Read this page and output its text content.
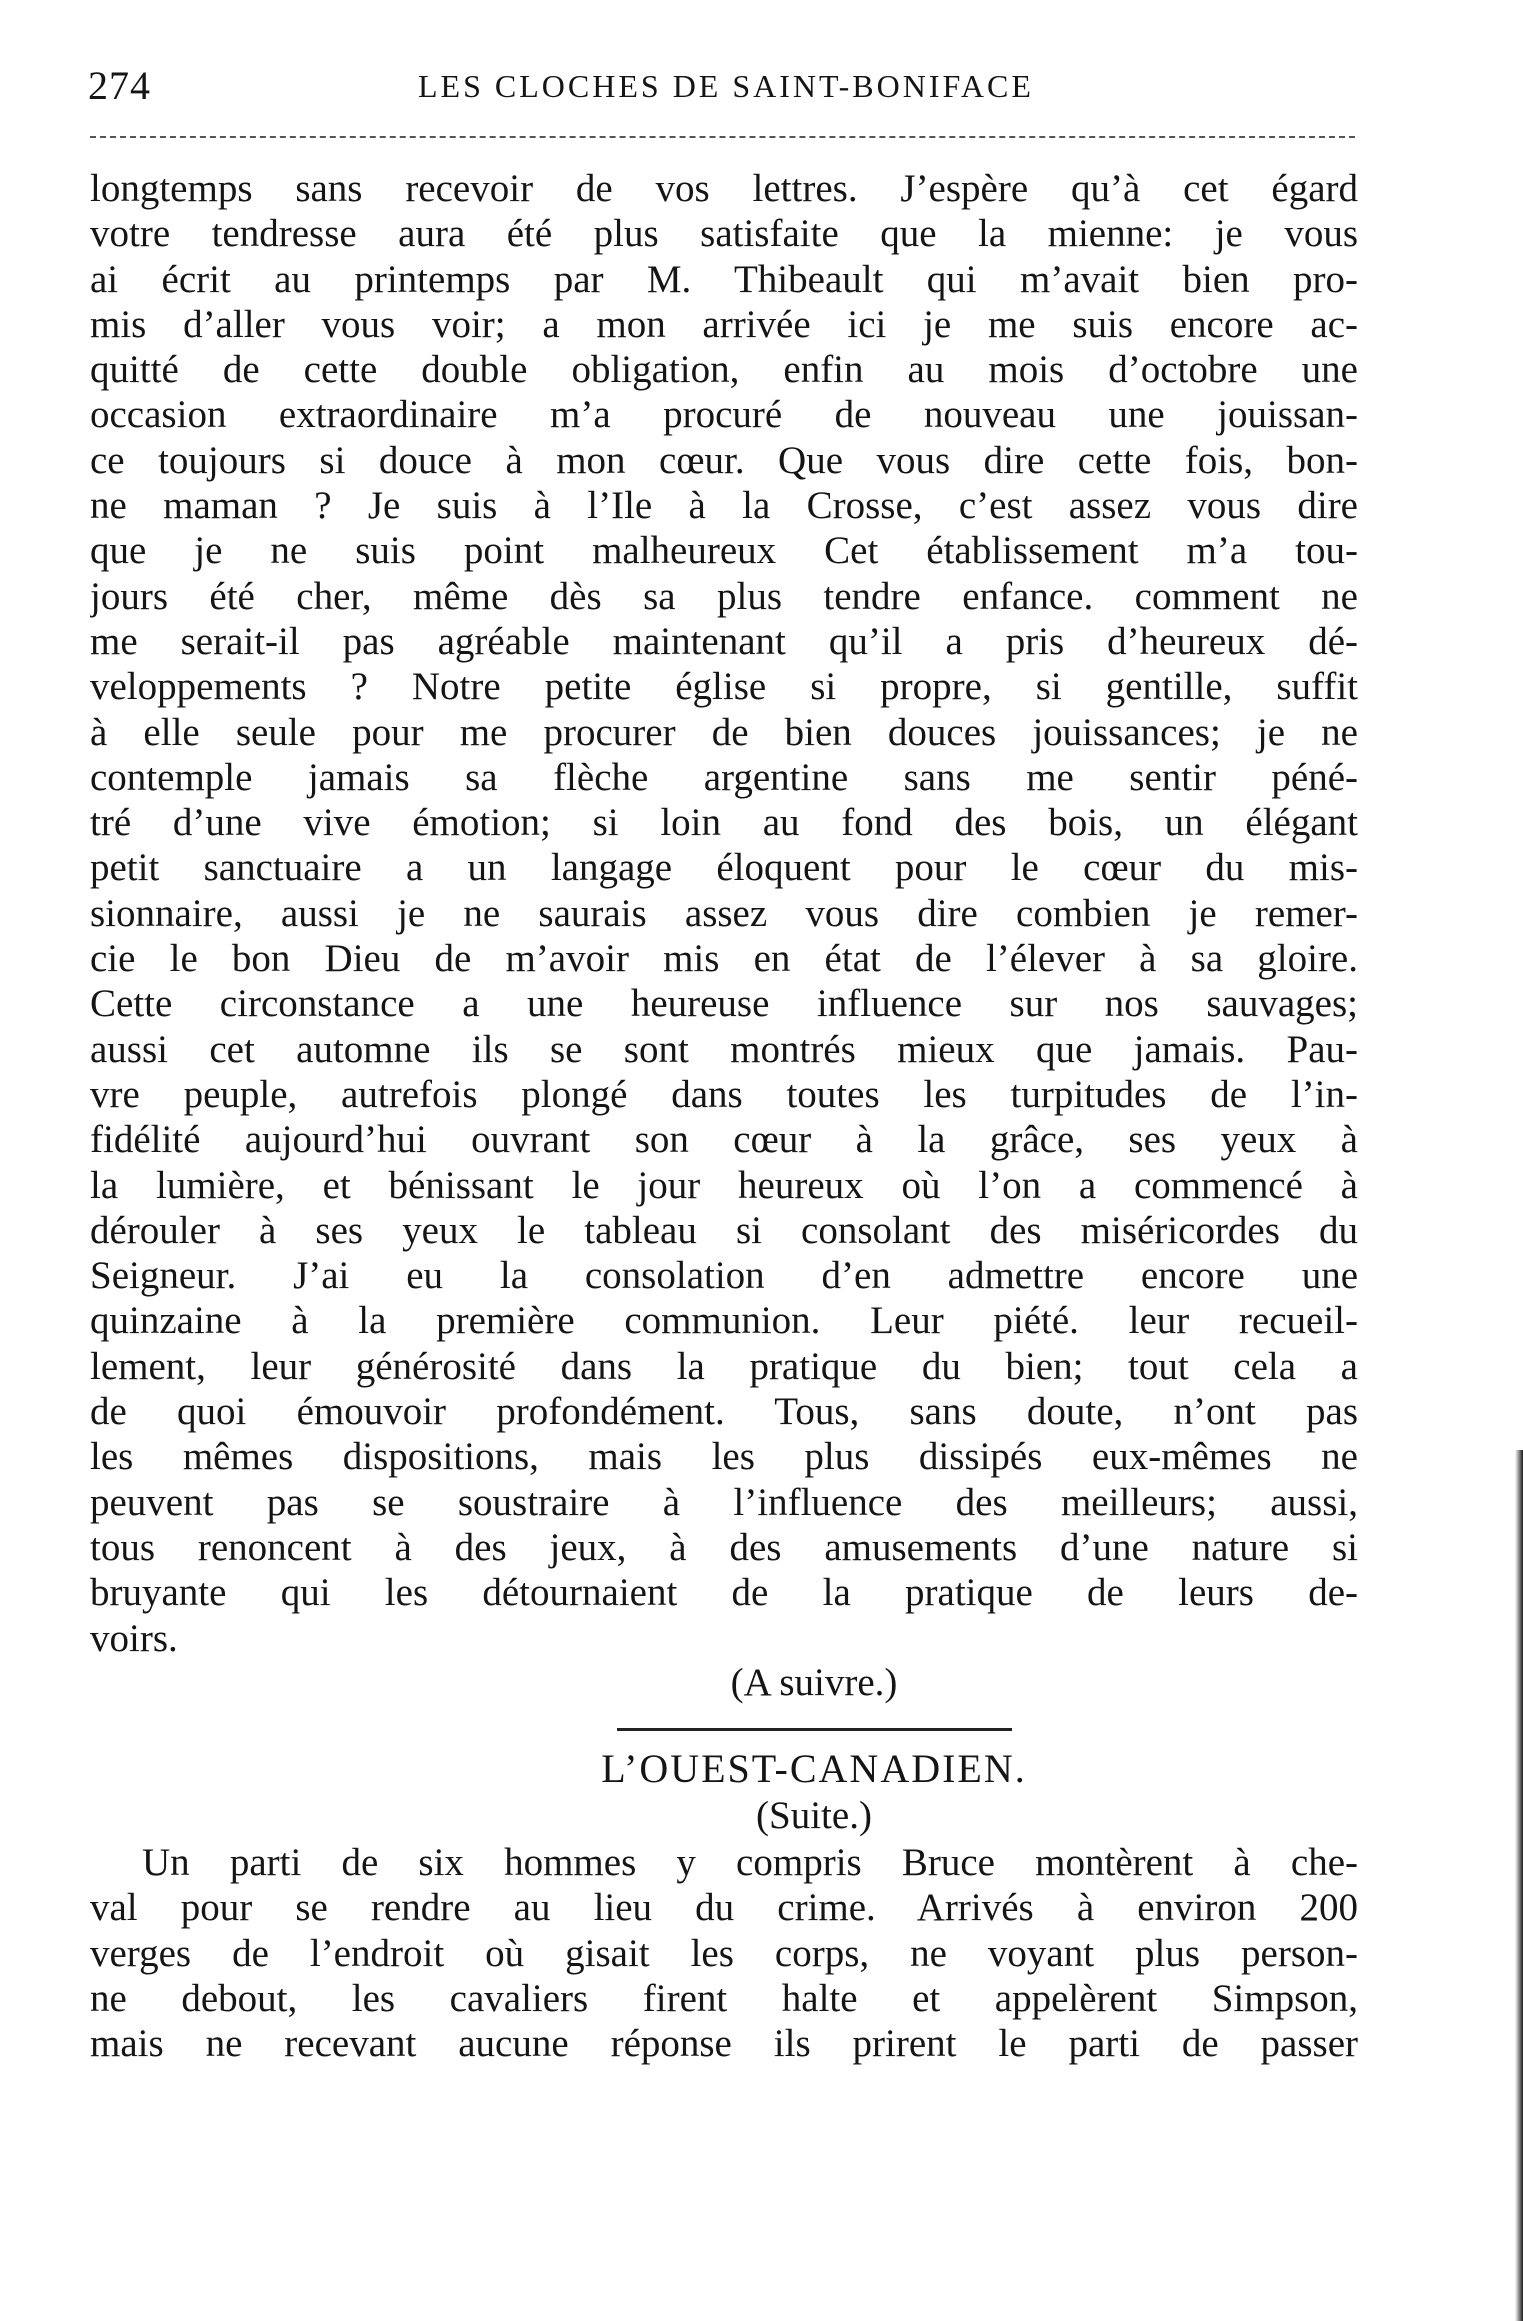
274	LES CLOCHES DE SAINT-BONIFACE
longtemps sans recevoir de vos lettres. J’espère qu’à cet égard
votre tendresse aura été plus satisfaite que la mienne: je vous
ai écrit au printemps par M. Thibeault qui m’avait bien pro-
mis d’aller vous voir; a mon arrivée ici je me suis encore ac-
quitté de cette double obligation, enfin au mois d’octobre une
occasion extraordinaire m’a procuré de nouveau une jouissan-
ce toujours si douce à mon cœur. Que vous dire cette fois, bon-
ne maman ? Je suis à l’Ile à la Crosse, c’est assez vous dire
que je ne suis point malheureux Cet établissement m’a tou-
jours été cher, même dès sa plus tendre enfance. comment ne
me serait-il pas agréable maintenant qu’il a pris d’heureux dé-
veloppements ? Notre petite église si propre, si gentille, suffit
à elle seule pour me procurer de bien douces jouissances; je ne
contemple jamais sa flèche argentine sans me sentir péné-
tré d’une vive émotion; si loin au fond des bois, un élégant
petit sanctuaire a un langage éloquent pour le cœur du mis-
sionnaire, aussi je ne saurais assez vous dire combien je remer-
cie le bon Dieu de m’avoir mis en état de l’élever à sa gloire.
Cette circonstance a une heureuse influence sur nos sauvages;
aussi cet automne ils se sont montrés mieux que jamais. Pau-
vre peuple, autrefois plongé dans toutes les turpitudes de l’in-
fidélité aujourd’hui ouvrant son cœur à la grâce, ses yeux à
la lumière, et bénissant le jour heureux où l’on a commencé à
dérouler à ses yeux le tableau si consolant des miséricordes du
Seigneur. J’ai eu la consolation d’en admettre encore une
quinzaine à la première communion. Leur piété. leur recueil-
lement, leur générosité dans la pratique du bien; tout cela a
de quoi émouvoir profondément. Tous, sans doute, n’ont pas
les mêmes dispositions, mais les plus dissipés eux-mêmes ne
peuvent pas se soustraire à l’influence des meilleurs; aussi,
tous renoncent à des jeux, à des amusements d’une nature si
bruyante qui les détournaient de la pratique de leurs de-
voirs.
(A suivre.)
L’OUEST-CANADIEN.
(Suite.)
Un parti de six hommes y compris Bruce montèrent à che-
val pour se rendre au lieu du crime. Arrivés à environ 200
verges de l’endroit où gisait les corps, ne voyant plus person-
ne debout, les cavaliers firent halte et appelèrent Simpson,
mais ne recevant aucune réponse ils prirent le parti de passer
